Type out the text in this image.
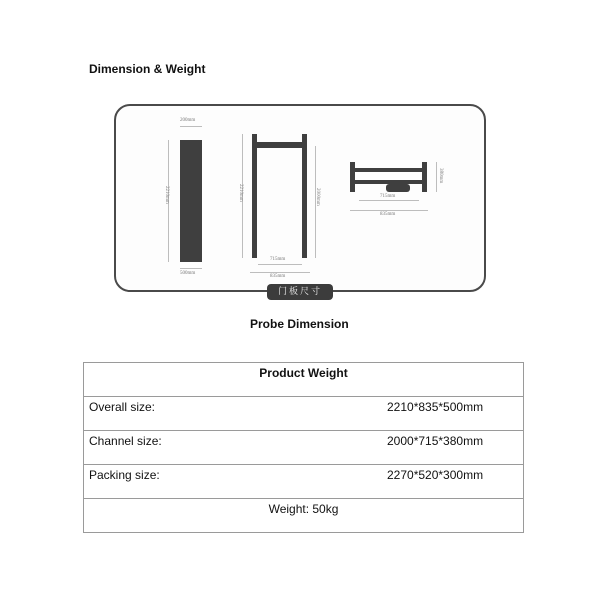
Dimension & Weight
200mm
2210mm
500mm
2210mm	2000mm
715mm
835mm
380mm
715mm
835mm
门板尺寸
Probe Dimension
Product Weight

Overall size:	2210*835*500mm

Channel size:	2000*715*380mm

Packing size:	2270*520*300mm

Weight: 50kg
